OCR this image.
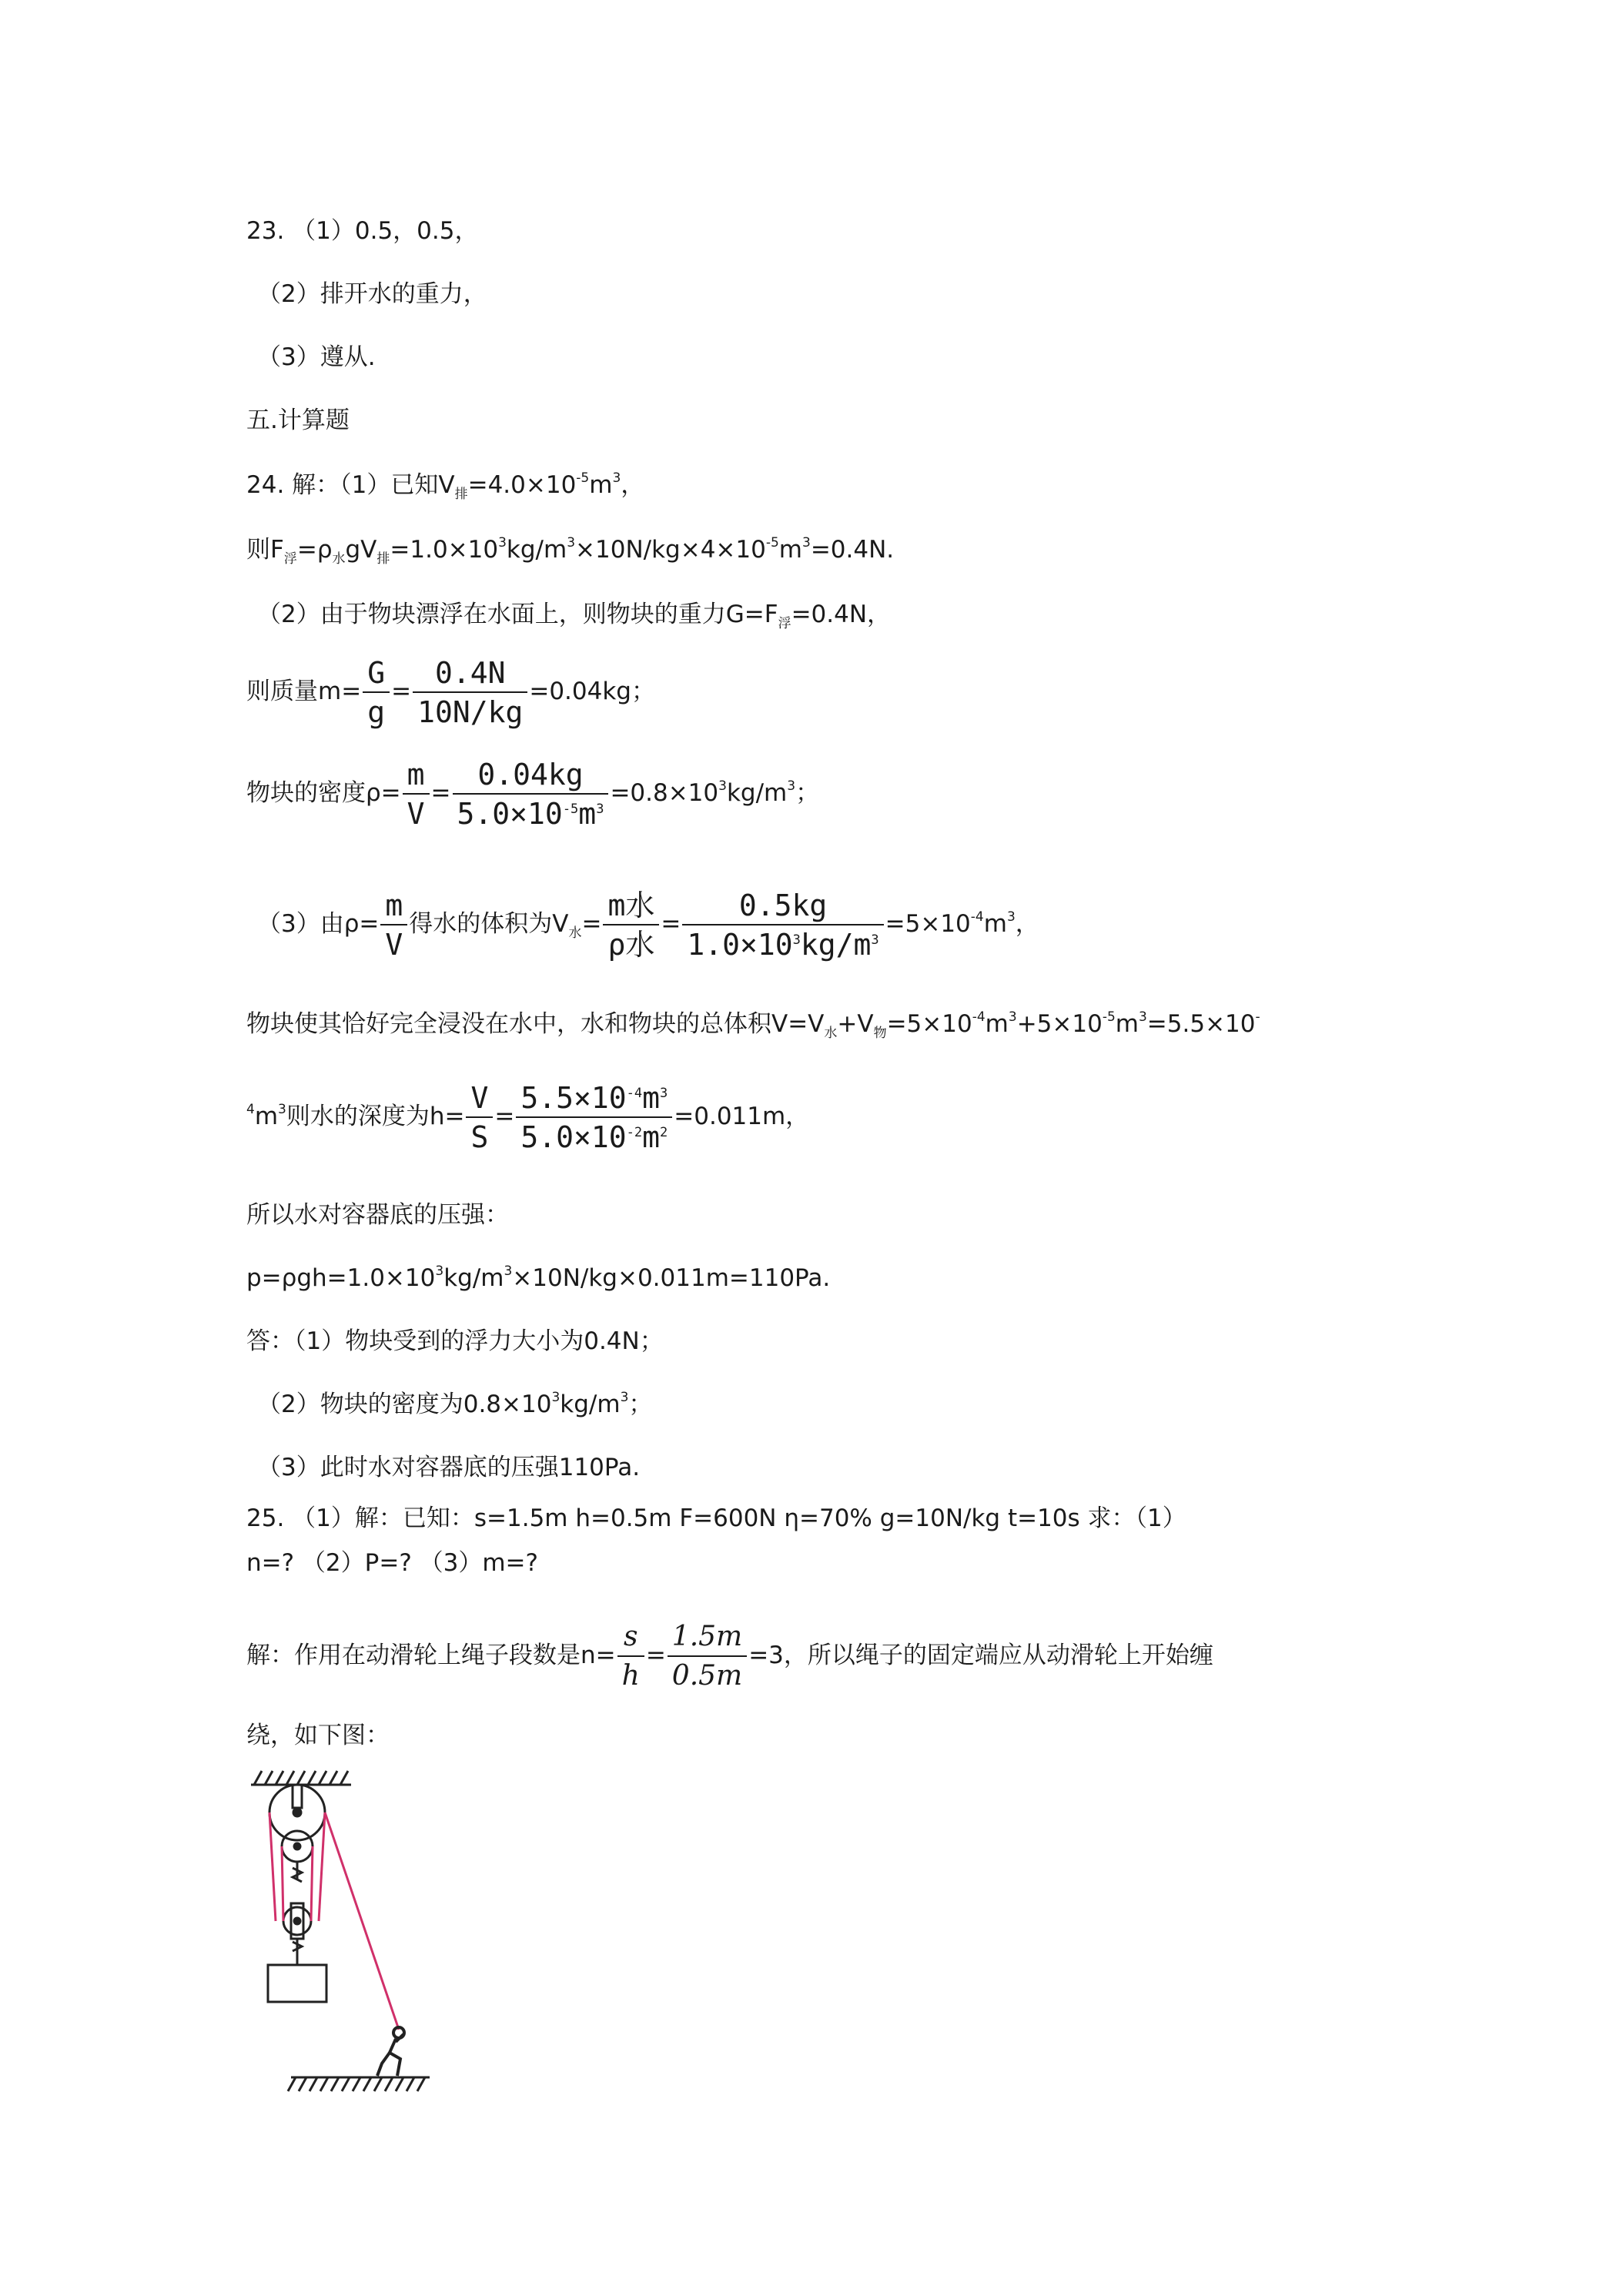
23. （1）0.5，0.5，
（2）排开水的重力，
（3）遵从.
五.计算题
24. 解：（1）已知$V_排=4.0\times 10^{-5}m^3$，
则$F_浮=\rho_水gV_排=1.0\times 10^3kg/m^3\times 10N/kg\times 4\times 10^{-5}m^3=0.4N$.
（2）由于物块漂浮在水面上，则物块的重力$G=F_浮=0.4N$，
则质量$m= \frac{G}{g} = \frac{0.4N}{10N/kg} =0.04kg$；
物块的密度$\rho= \frac{m}{V} = \frac{0.04kg}{5.0\times 10^{-5}m^3} =0.8\times 10^3kg/m^3$；
（3）由$\rho= \frac{m}{V}$ 得水的体积为$V_水= \frac{\text{m水}}{\text{ρ水}} = \frac{0.5kg}{1.0\times 10^3kg/m^3} =5\times 10^{-4}m^3$，
物块使其恰好完全浸没在水中，水和物块的总体积$V=V_水+V_物=5\times 10^{-4}m^3+5\times 10^{-5}m^3=5.5\times 10^-$
$^4m^3$则水的深度为$h= \frac{V}{S} = \frac{5.5\times 10^{-4}m^3}{5.0\times 10^{-2}m^2} =0.011m$，
所以水对容器底的压强：
$p=\rho gh=1.0\times 10^3kg/m^3\times 10N/kg\times 0.011m=110Pa$.
答：（1）物块受到的浮力大小为0.4N；
（2）物块的密度为$0.8\times 10^3kg/m^3$；
（3）此时水对容器底的压强110Pa.
25. （1）解：已知：s=1.5m h=0.5m F=600N η=70% g=10N/kg t=10s 求：（1）
n=? （2）P=? （3）m=?
解：作用在动滑轮上绳子段数是$n= \frac{s}{h} = \frac{1.5m}{0.5m} =3$，所以绳子的固定端应从动滑轮上开始缠
绕，如下图：
